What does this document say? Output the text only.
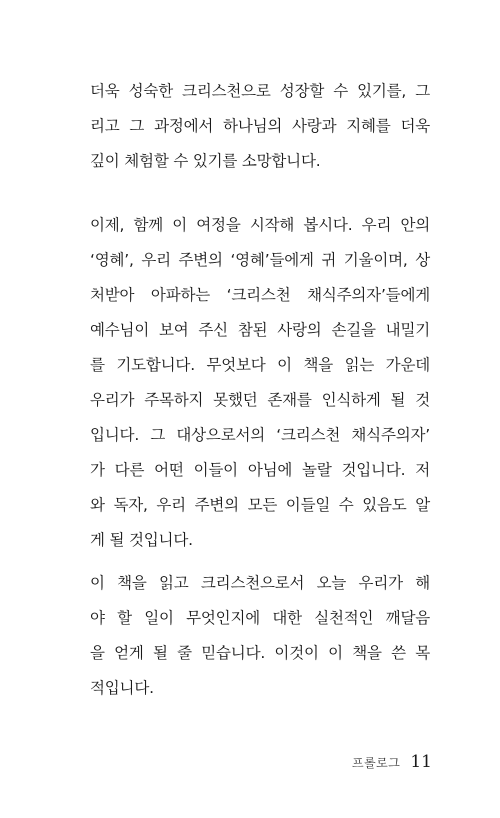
더욱 성숙한 크리스천으로 성장할 수 있기를, 그
리고 그 과정에서 하나님의 사랑과 지혜를 더욱
깊이 체험할 수 있기를 소망합니다.
이제, 함께 이 여정을 시작해 봅시다. 우리 안의
‘영혜’, 우리 주변의 ‘영혜’들에게 귀 기울이며, 상
처받아 아파하는 ‘크리스천 채식주의자’들에게
예수님이 보여 주신 참된 사랑의 손길을 내밀기
를 기도합니다. 무엇보다 이 책을 읽는 가운데
우리가 주목하지 못했던 존재를 인식하게 될 것
입니다. 그 대상으로서의 ‘크리스천 채식주의자’
가 다른 어떤 이들이 아님에 놀랄 것입니다. 저
와 독자, 우리 주변의 모든 이들일 수 있음도 알
게 될 것입니다.
이 책을 읽고 크리스천으로서 오늘 우리가 해
야 할 일이 무엇인지에 대한 실천적인 깨달음
을 얻게 될 줄 믿습니다. 이것이 이 책을 쓴 목
적입니다.
프롤로그 11
